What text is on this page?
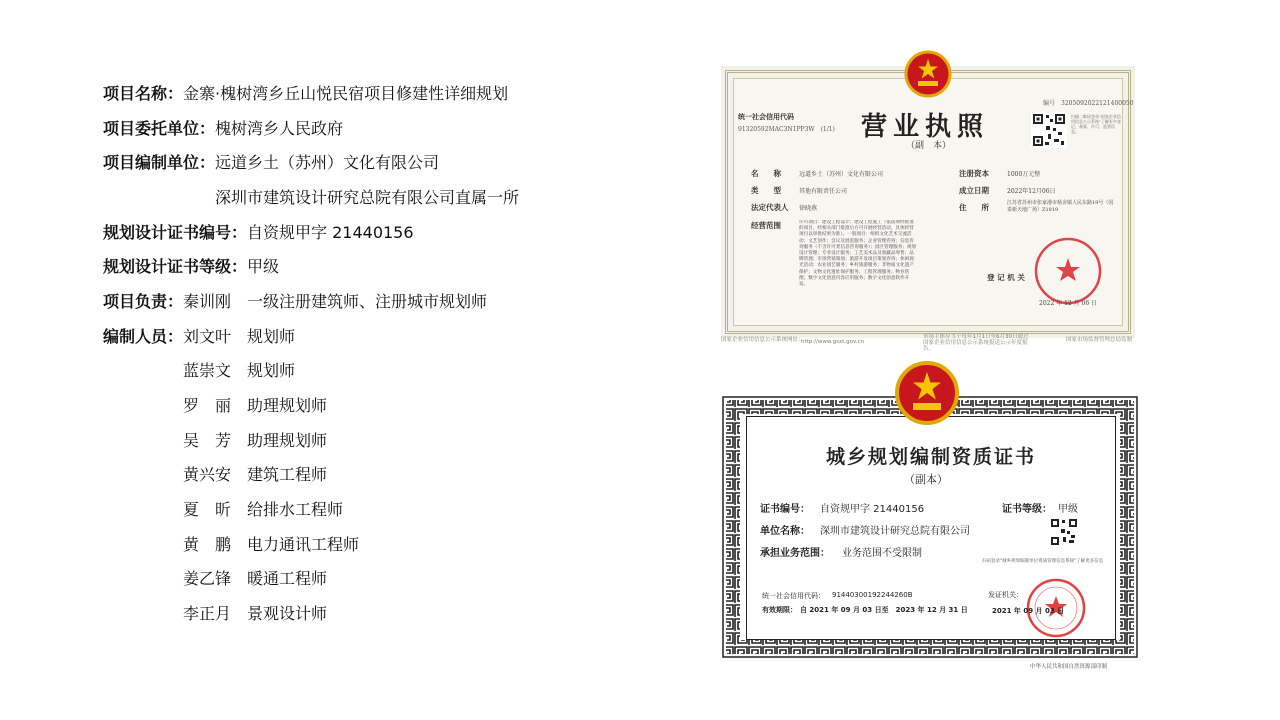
项目名称：金寨·槐树湾乡丘山悦民宿项目修建性详细规划
项目委托单位：槐树湾乡人民政府
项目编制单位：远道乡土（苏州）文化有限公司
深圳市建筑设计研究总院有限公司直属一所
规划设计证书编号：自资规甲字 21440156
规划设计证书等级：甲级
项目负责：秦训刚　一级注册建筑师、注册城市规划师
编制人员： 刘文叶　 规划师
蓝崇文　 规划师
罗　丽　 助理规划师
吴　芳　 助理规划师
黄兴安　 建筑工程师
夏　昕　 给排水工程师
黄　鹏　 电力通讯工程师
姜乙锋　 暖通工程师
李正月　 景观设计师
编号　3205092022121400050
统一社会信用代码
91320592MAC3N1PP3W　(1/1) 营业执照
（副　本）
扫描二维码登录"国家企业信用信息公示系统"了解更多登记、备案、许可、监管信息。
名　　称	远道乡土（苏州）文化有限公司
类　　型	其他有限责任公司
法定代表人 徐晓燕
经营范围	许可项目：建设工程设计；建设工程施工（依法须经批准的项目，经相关部门批准后方可开展经营活动，具体经营项目以审批结果为准）。一般项目：组织文化艺术交流活动；文艺创作；会议及展览服务；企业管理咨询；信息咨询服务（不含许可类信息咨询服务）；园区管理服务；规划设计管理；专业设计服务；工艺美术品及收藏品零售；品牌管理；市场营销策划；旅游开发项目策划咨询；休闲观光活动；农业园艺服务；乡村旅游服务；非物质文化遗产保护；文物文化遗址保护服务；工程管理服务；物业管理；数字文化创意内容应用服务；数字文化创意软件开发。
注册资本	1000万元整
成立日期	2022年12月06日
住　　所	江苏省苏州市张家港市杨舍镇人民东路19号（国泰新天地广场）Z1819
登 记 机 关
2022 年 12 月 06 日
国家企业信用信息公示系统网址：
http://www.gsxt.gov.cn
市场主体应当于每年1月1日至6月30日通过国家企业信用信息公示系统报送公示年度报告。
国家市场监督管理总局监制
城乡规划编制资质证书
（副本）
证书编号： 自资规甲字 21440156	证书等级： 甲级
单位名称： 深圳市建筑设计研究总院有限公司
承担业务范围： 业务范围不受限制
扫码登录"城乡规划编制单位资质管理信息系统"了解更多信息
统一社会信用代码： 91440300192244260B
有效期限： 自 2021 年 09 月 03 日至　2023 年 12 月 31 日
发证机关：
2021 年 09 月 03 日
中华人民共和国自然资源部印制
